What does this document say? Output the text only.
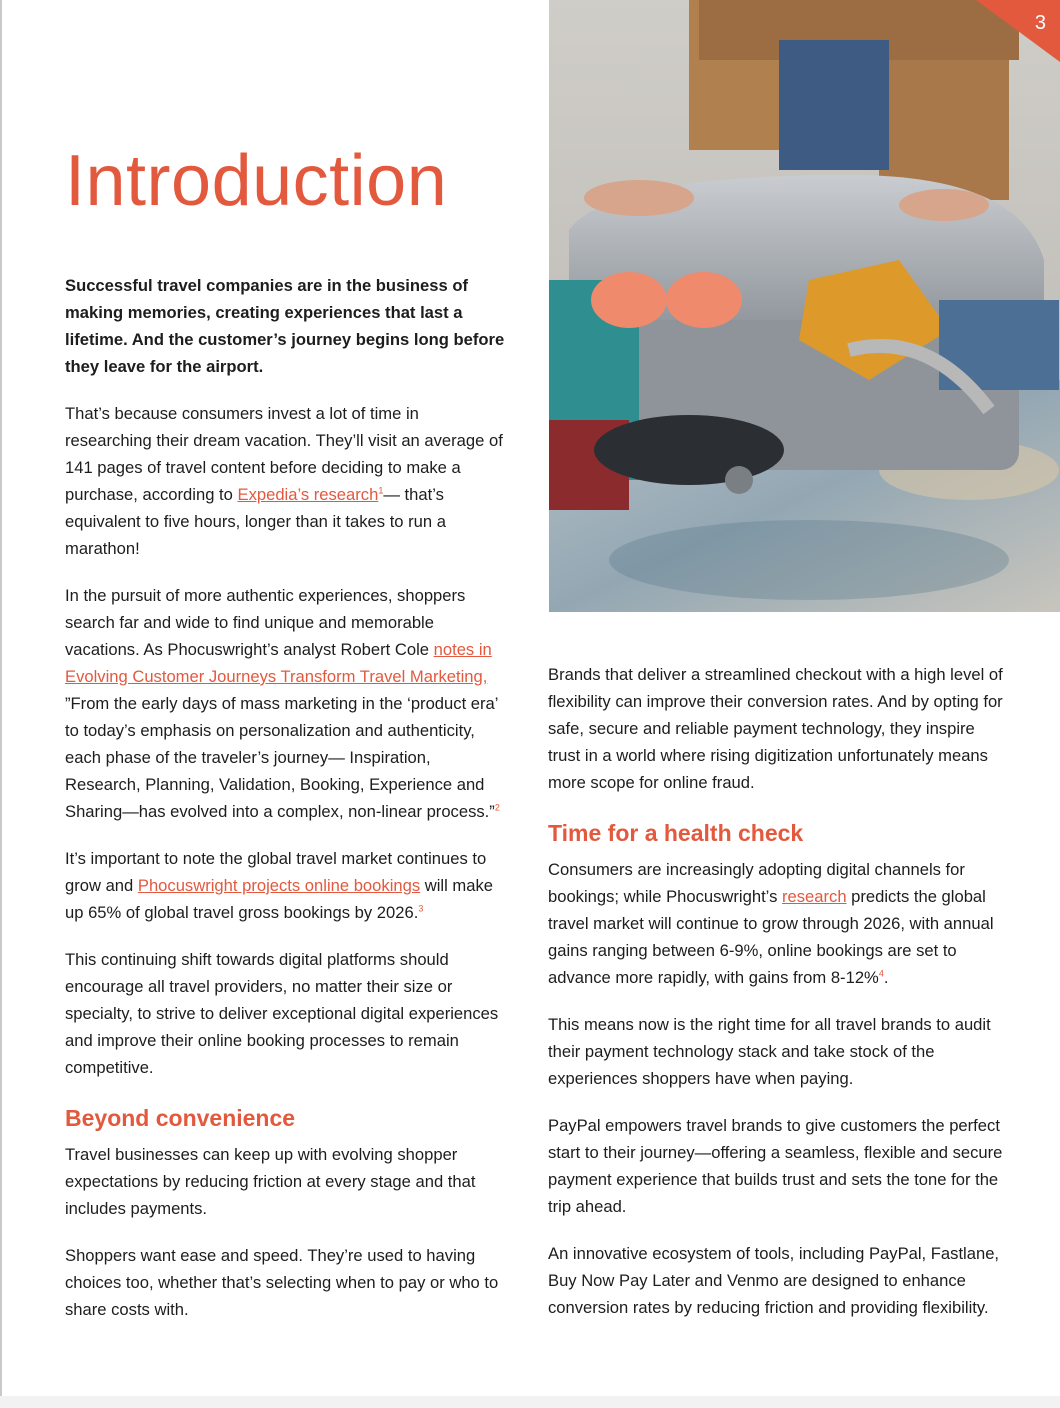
3
Introduction

Successful travel companies are in the business of making memories, creating experiences that last a lifetime. And the customer’s journey begins long before they leave for the airport.

That’s because consumers invest a lot of time in researching their dream vacation. They’ll visit an average of 141 pages of travel content before deciding to make a purchase, according to Expedia’s research$^1$— that’s equivalent to five hours, longer than it takes to run a marathon!

In the pursuit of more authentic experiences, shoppers search far and wide to find unique and memorable vacations. As Phocuswright’s analyst Robert Cole notes in Evolving Customer Journeys Transform Travel Marketing, ”From the early days of mass marketing in the ‘product era’ to today’s emphasis on personalization and authenticity, each phase of the traveler’s journey— Inspiration, Research, Planning, Validation, Booking, Experience and Sharing—has evolved into a complex, non-linear process.”$^2$

It’s important to note the global travel market continues to grow and Phocuswright projects online bookings will make up 65% of global travel gross bookings by 2026.$^3$

This continuing shift towards digital platforms should encourage all travel providers, no matter their size or specialty, to strive to deliver exceptional digital experiences and improve their online booking processes to remain competitive.

Beyond convenience

Travel businesses can keep up with evolving shopper expectations by reducing friction at every stage and that includes payments.

Shoppers want ease and speed. They’re used to having choices too, whether that’s selecting when to pay or who to share costs with.

Brands that deliver a streamlined checkout with a high level of flexibility can improve their conversion rates. And by opting for safe, secure and reliable payment technology, they inspire trust in a world where rising digitization unfortunately means more scope for online fraud.

Time for a health check

Consumers are increasingly adopting digital channels for bookings; while Phocuswright’s research predicts the global travel market will continue to grow through 2026, with annual gains ranging between 6-9%, online bookings are set to advance more rapidly, with gains from 8-12%$^4$.

This means now is the right time for all travel brands to audit their payment technology stack and take stock of the experiences shoppers have when paying.

PayPal empowers travel brands to give customers the perfect start to their journey—offering a seamless, flexible and secure payment experience that builds trust and sets the tone for the trip ahead.

An innovative ecosystem of tools, including PayPal, Fastlane, Buy Now Pay Later and Venmo are designed to enhance conversion rates by reducing friction and providing flexibility.
